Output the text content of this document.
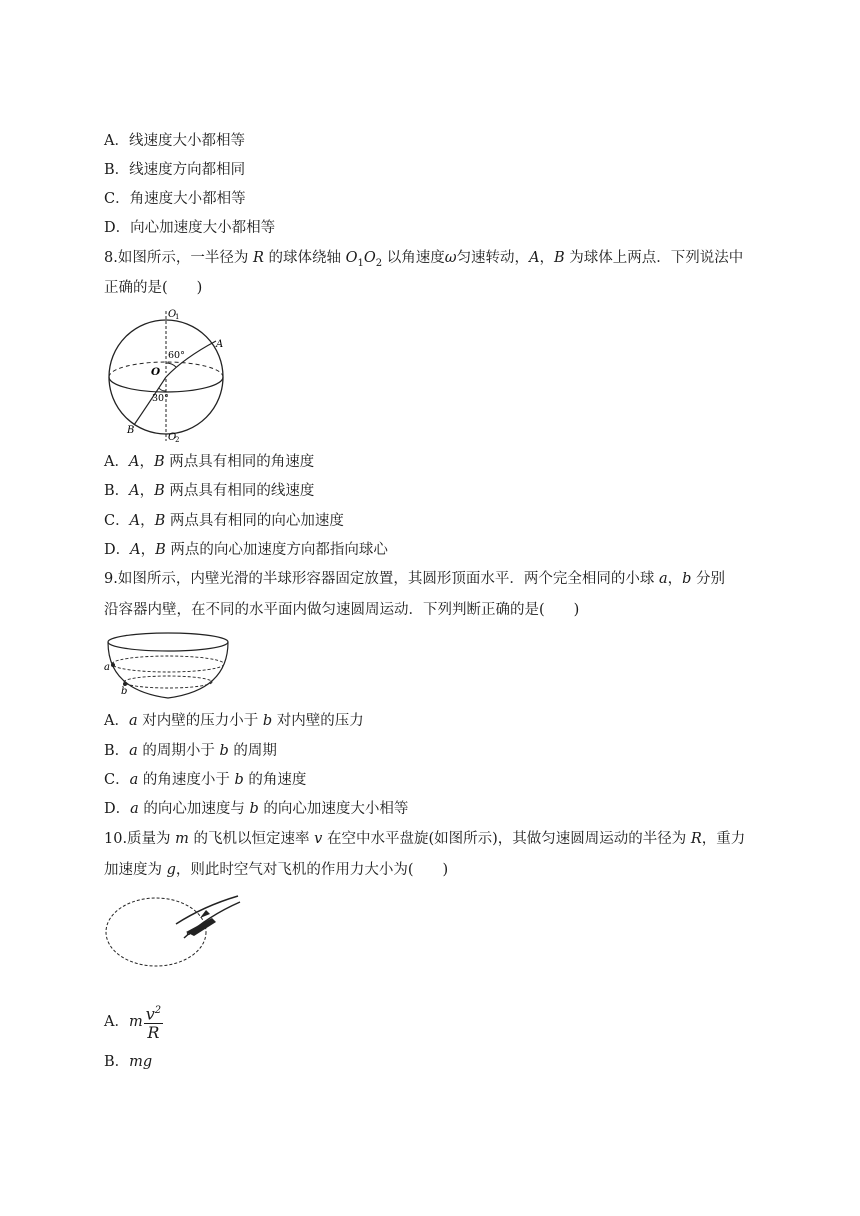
A．线速度大小都相等
B．线速度方向都相同
C．角速度大小都相等
D．向心加速度大小都相等
8.如图所示，一半径为 R 的球体绕轴 $O_1O_2$ 以角速度ω匀速转动，A，B 为球体上两点．下列说法中
正确的是(　　)
O
1
60°
A
O
30°
B
O
2
A．A，B 两点具有相同的角速度
B．A，B 两点具有相同的线速度
C．A，B 两点具有相同的向心加速度
D．A，B 两点的向心加速度方向都指向球心
9.如图所示，内壁光滑的半球形容器固定放置，其圆形顶面水平．两个完全相同的小球 a，b 分别
沿容器内壁，在不同的水平面内做匀速圆周运动．下列判断正确的是(　　)
a
b
A．a 对内壁的压力小于 b 对内壁的压力
B．a 的周期小于 b 的周期
C．a 的角速度小于 b 的角速度
D．a 的向心加速度与 b 的向心加速度大小相等
10.质量为 m 的飞机以恒定速率 v 在空中水平盘旋(如图所示)，其做匀速圆周运动的半径为 R，重力
加速度为 g，则此时空气对飞机的作用力大小为(　　)
A．m $\frac{v^2}{R}$
B．mg
